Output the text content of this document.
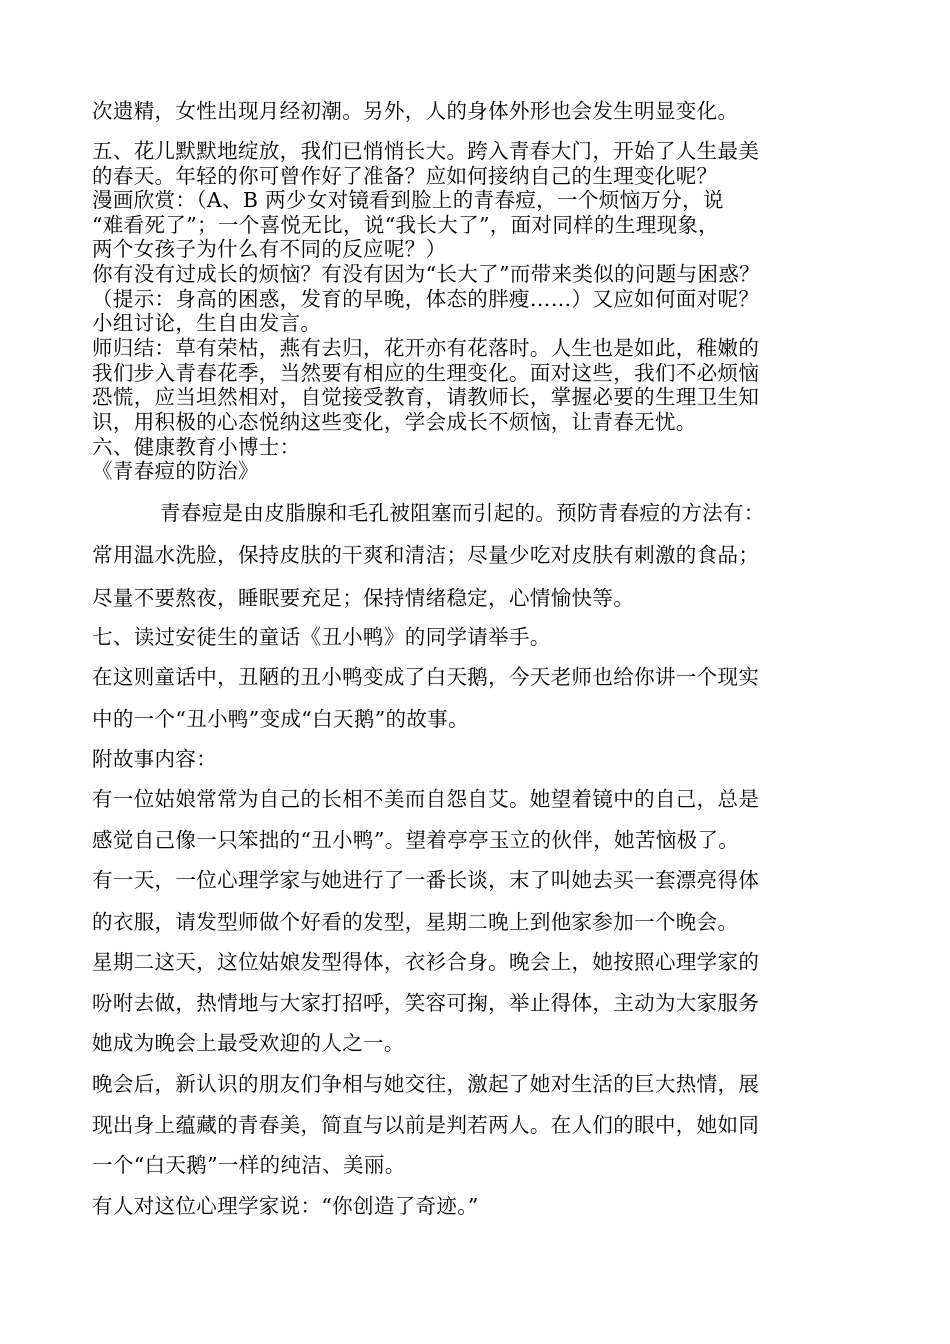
次遗精，女性出现月经初潮。另外，人的身体外形也会发生明显变化。
五、花儿默默地绽放，我们已悄悄长大。跨入青春大门，开始了人生最美
的春天。年轻的你可曾作好了准备？应如何接纳自己的生理变化呢？
漫画欣赏：（A、B 两少女对镜看到脸上的青春痘，一个烦恼万分，说
“难看死了”；一个喜悦无比，说“我长大了”，面对同样的生理现象，
两个女孩子为什么有不同的反应呢？）
你有没有过成长的烦恼？有没有因为“长大了”而带来类似的问题与困惑？
（提示：身高的困惑，发育的早晚，体态的胖瘦……）又应如何面对呢？
小组讨论，生自由发言。
师归结：草有荣枯，燕有去归，花开亦有花落时。人生也是如此，稚嫩的
我们步入青春花季，当然要有相应的生理变化。面对这些，我们不必烦恼
恐慌，应当坦然相对，自觉接受教育，请教师长，掌握必要的生理卫生知
识，用积极的心态悦纳这些变化，学会成长不烦恼，让青春无忧。
六、健康教育小博士：
《青春痘的防治》
青春痘是由皮脂腺和毛孔被阻塞而引起的。预防青春痘的方法有：
常用温水洗脸，保持皮肤的干爽和清洁；尽量少吃对皮肤有刺激的食品；
尽量不要熬夜，睡眠要充足；保持情绪稳定，心情愉快等。
七、读过安徒生的童话《丑小鸭》的同学请举手。
在这则童话中，丑陋的丑小鸭变成了白天鹅，今天老师也给你讲一个现实
中的一个“丑小鸭”变成“白天鹅”的故事。
附故事内容：
有一位姑娘常常为自己的长相不美而自怨自艾。她望着镜中的自己，总是
感觉自己像一只笨拙的“丑小鸭”。望着亭亭玉立的伙伴，她苦恼极了。
有一天，一位心理学家与她进行了一番长谈，末了叫她去买一套漂亮得体
的衣服，请发型师做个好看的发型，星期二晚上到他家参加一个晚会。
星期二这天，这位姑娘发型得体，衣衫合身。晚会上，她按照心理学家的
吩咐去做，热情地与大家打招呼，笑容可掬，举止得体，主动为大家服务
她成为晚会上最受欢迎的人之一。
晚会后，新认识的朋友们争相与她交往，激起了她对生活的巨大热情，展
现出身上蕴藏的青春美，简直与以前是判若两人。在人们的眼中，她如同
一个“白天鹅”一样的纯洁、美丽。
有人对这位心理学家说：“你创造了奇迹。”
